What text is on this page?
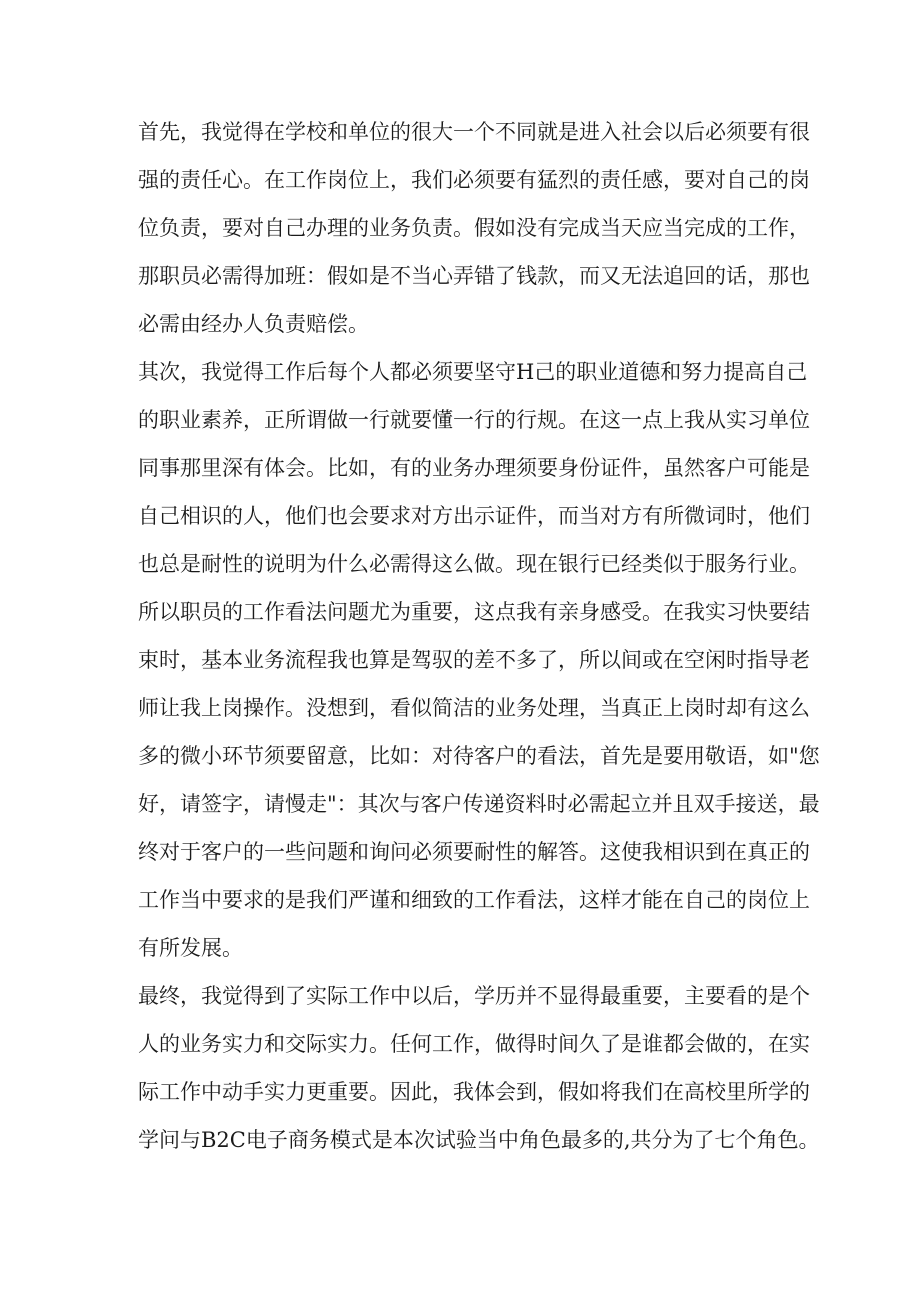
首先，我觉得在学校和单位的很大一个不同就是进入社会以后必须要有很
强的责任心。在工作岗位上，我们必须要有猛烈的责任感，要对自己的岗
位负责，要对自己办理的业务负责。假如没有完成当天应当完成的工作，
那职员必需得加班：假如是不当心弄错了钱款，而又无法追回的话，那也
必需由经办人负责赔偿。
其次，我觉得工作后每个人都必须要坚守H己的职业道德和努力提高自己
的职业素养，正所谓做一行就要懂一行的行规。在这一点上我从实习单位
同事那里深有体会。比如，有的业务办理须要身份证件，虽然客户可能是
自己相识的人，他们也会要求对方出示证件，而当对方有所微词时，他们
也总是耐性的说明为什么必需得这么做。现在银行已经类似于服务行业。
所以职员的工作看法问题尤为重要，这点我有亲身感受。在我实习快要结
束时，基本业务流程我也算是驾驭的差不多了，所以间或在空闲时指导老
师让我上岗操作。没想到，看似简洁的业务处理，当真正上岗时却有这么
多的微小环节须要留意，比如：对待客户的看法，首先是要用敬语，如"您
好，请签字，请慢走"：其次与客户传递资料时必需起立并且双手接送，最
终对于客户的一些问题和询问必须要耐性的解答。这使我相识到在真正的
工作当中要求的是我们严谨和细致的工作看法，这样才能在自己的岗位上
有所发展。
最终，我觉得到了实际工作中以后，学历并不显得最重要，主要看的是个
人的业务实力和交际实力。任何工作，做得时间久了是谁都会做的，在实
际工作中动手实力更重要。因此，我体会到，假如将我们在高校里所学的
学问与B2C电子商务模式是本次试验当中角色最多的,共分为了七个角色。
